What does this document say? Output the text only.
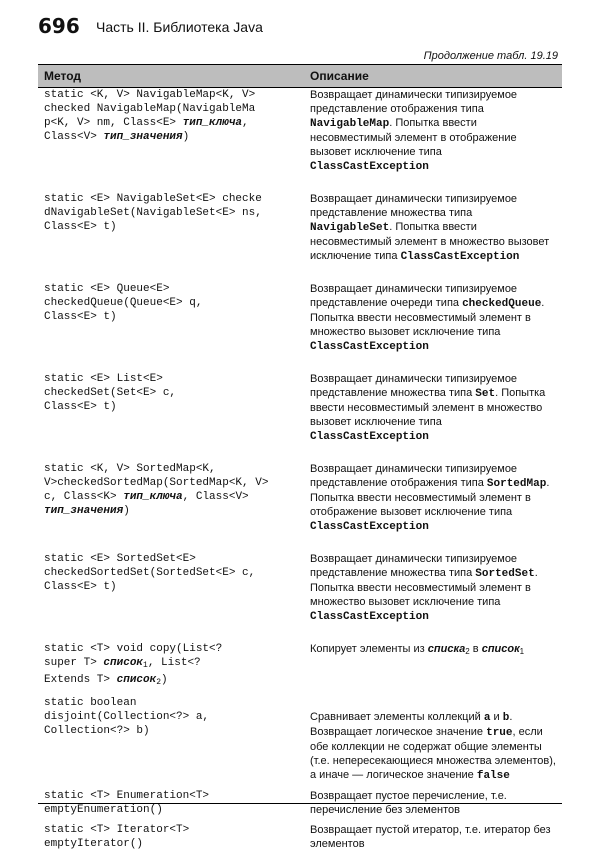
696 Часть II. Библиотека Java
Продолжение табл. 19.19
Метод	Описание
static <K, V> NavigableMap<K, V>
checked NavigableMap(NavigableMa
p<K, V> nm, Class<E> тип_ключа,
Class<V> тип_значения)	Возвращает динамически типизируемое представление отображения типа NavigableMap. Попытка ввести несовместимый элемент в отображение вызовет исключение типа ClassCastException
static <E> NavigableSet<E> checke
dNavigableSet(NavigableSet<E> ns,
Class<E> t)	Возвращает динамически типизируемое представление множества типа NavigableSet. Попытка ввести несовместимый элемент в множество вызовет исключение типа ClassCastException
static <E> Queue<E>
checkedQueue(Queue<E> q,
Class<E> t)	Возвращает динамически типизируемое представление очереди типа checkedQueue. Попытка ввести несовместимый элемент в множество вызовет исключение типа ClassCastException
static <E> List<E>
checkedSet(Set<E> c,
Class<E> t)	Возвращает динамически типизируемое представление множества типа Set. Попытка ввести несовместимый элемент в множество вызовет исключение типа ClassCastException
static <K, V> SortedMap<K,
V>checkedSortedMap(SortedMap<K, V>
c, Class<K> тип_ключа, Class<V>
тип_значения)	Возвращает динамически типизируемое представление отображения типа SortedMap. Попытка ввести несовместимый элемент в отображение вызовет исключение типа ClassCastException
static <E> SortedSet<E>
checkedSortedSet(SortedSet<E> c,
Class<E> t)	Возвращает динамически типизируемое представление множества типа SortedSet. Попытка ввести несовместимый элемент в множество вызовет исключение типа ClassCastException
static <T> void copy(List<?
super T> список$_1$, List<?
Extends T> список$_2$)	Копирует элементы из списка$_2$ в список$_1$
static boolean
disjoint(Collection<?> a,
Collection<?> b)	Сравнивает элементы коллекций a и b. Возвращает логическое значение true, если обе коллекции не содержат общие элементы (т.е. непересекающиеся множества элементов), а иначе — логическое значение false
static <T> Enumeration<T>
emptyEnumeration()	Возвращает пустое перечисление, т.е. перечисление без элементов
static <T> Iterator<T>
emptyIterator()	Возвращает пустой итератор, т.е. итератор без элементов
